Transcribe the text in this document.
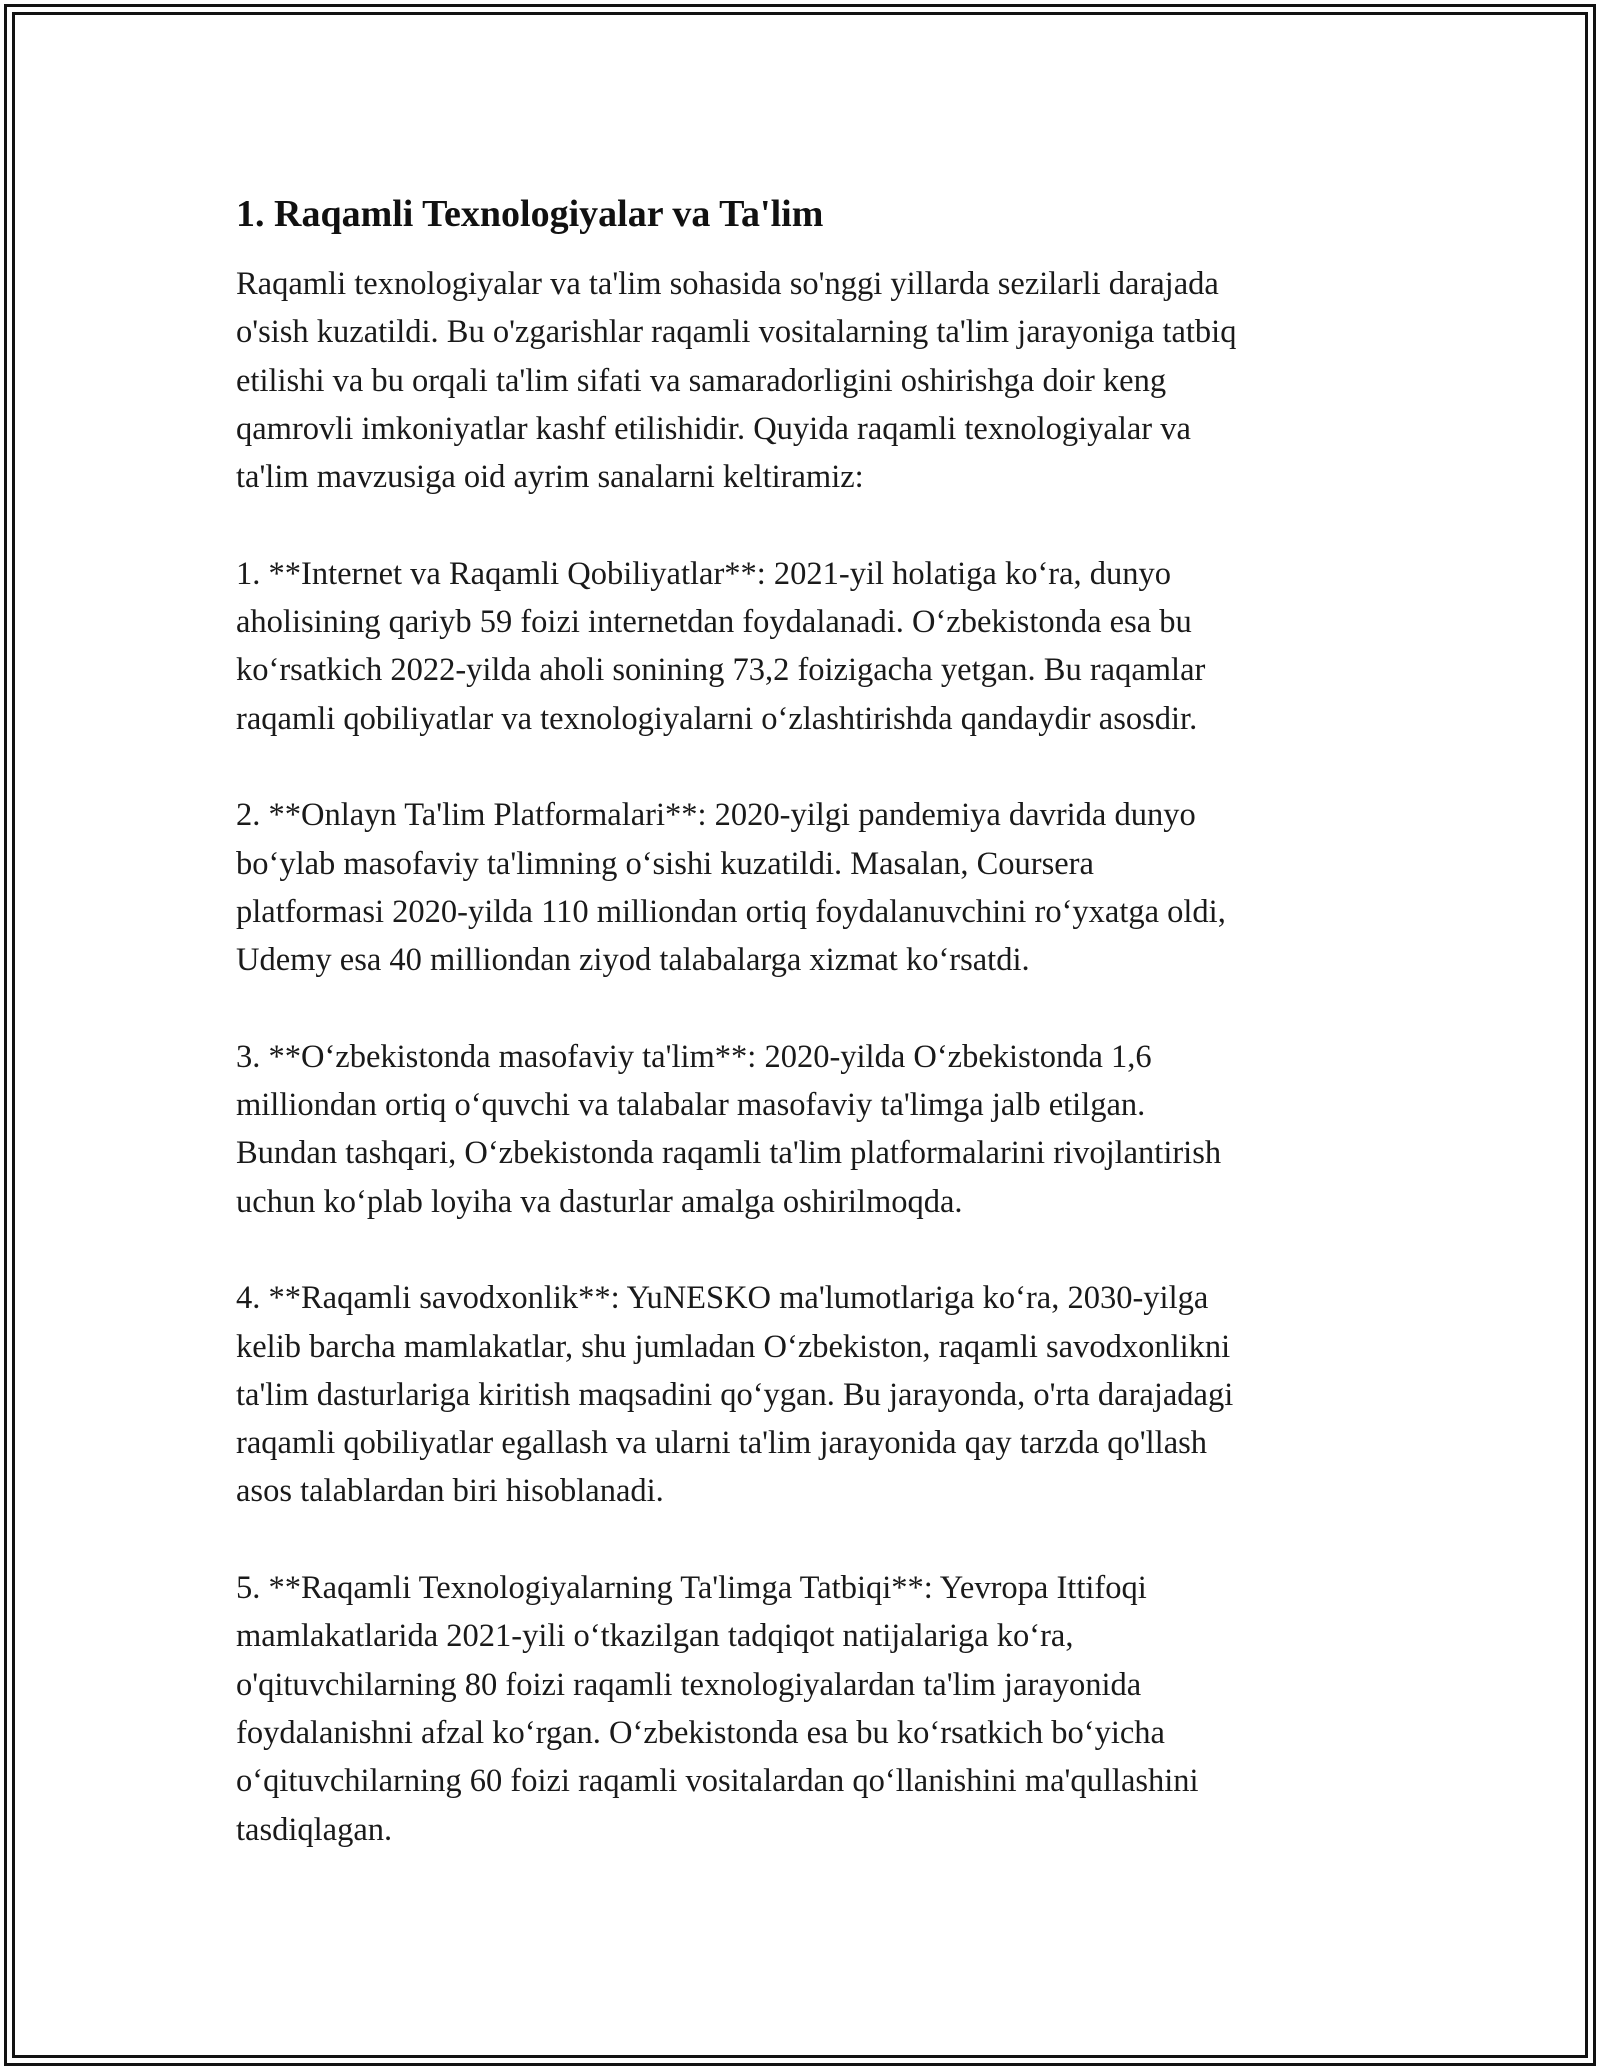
1. Raqamli Texnologiyalar va Ta'lim

Raqamli texnologiyalar va ta'lim sohasida so'nggi yillarda sezilarli darajada
o'sish kuzatildi. Bu o'zgarishlar raqamli vositalarning ta'lim jarayoniga tatbiq
etilishi va bu orqali ta'lim sifati va samaradorligini oshirishga doir keng
qamrovli imkoniyatlar kashf etilishidir. Quyida raqamli texnologiyalar va
ta'lim mavzusiga oid ayrim sanalarni keltiramiz:

1. **Internet va Raqamli Qobiliyatlar**: 2021-yil holatiga ko‘ra, dunyo
aholisining qariyb 59 foizi internetdan foydalanadi. O‘zbekistonda esa bu
ko‘rsatkich 2022-yilda aholi sonining 73,2 foizigacha yetgan. Bu raqamlar
raqamli qobiliyatlar va texnologiyalarni o‘zlashtirishda qandaydir asosdir.

2. **Onlayn Ta'lim Platformalari**: 2020-yilgi pandemiya davrida dunyo
bo‘ylab masofaviy ta'limning o‘sishi kuzatildi. Masalan, Coursera
platformasi 2020-yilda 110 milliondan ortiq foydalanuvchini ro‘yxatga oldi,
Udemy esa 40 milliondan ziyod talabalarga xizmat ko‘rsatdi.

3. **O‘zbekistonda masofaviy ta'lim**: 2020-yilda O‘zbekistonda 1,6
milliondan ortiq o‘quvchi va talabalar masofaviy ta'limga jalb etilgan.
Bundan tashqari, O‘zbekistonda raqamli ta'lim platformalarini rivojlantirish
uchun ko‘plab loyiha va dasturlar amalga oshirilmoqda.

4. **Raqamli savodxonlik**: YuNESKO ma'lumotlariga ko‘ra, 2030-yilga
kelib barcha mamlakatlar, shu jumladan O‘zbekiston, raqamli savodxonlikni
ta'lim dasturlariga kiritish maqsadini qo‘ygan. Bu jarayonda, o'rta darajadagi
raqamli qobiliyatlar egallash va ularni ta'lim jarayonida qay tarzda qo'llash
asos talablardan biri hisoblanadi.

5. **Raqamli Texnologiyalarning Ta'limga Tatbiqi**: Yevropa Ittifoqi
mamlakatlarida 2021-yili o‘tkazilgan tadqiqot natijalariga ko‘ra,
o'qituvchilarning 80 foizi raqamli texnologiyalardan ta'lim jarayonida
foydalanishni afzal ko‘rgan. O‘zbekistonda esa bu ko‘rsatkich bo‘yicha
o‘qituvchilarning 60 foizi raqamli vositalardan qo‘llanishini ma'qullashini
tasdiqlagan.
